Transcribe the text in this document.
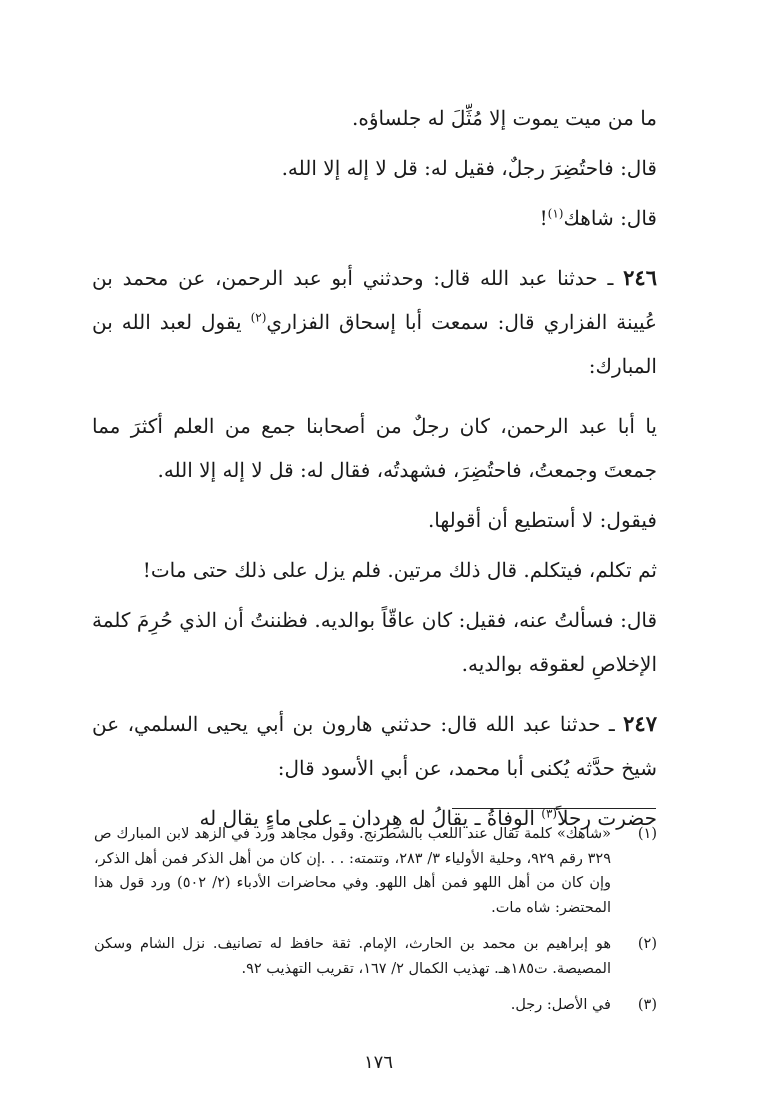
ما من ميت يموت إلا مُثِّلَ له جلساؤه.

قال: فاحتُضِرَ رجلٌ، فقيل له: قل لا إله إلا الله.

قال: شاهك$^{(١)}$!

٢٤٦ ـ حدثنا عبد الله قال: وحدثني أبو عبد الرحمن، عن محمد بن عُيينة الفزاري قال: سمعت أبا إسحاق الفزاري$^{(٢)}$ يقول لعبد الله بن المبارك:

يا أبا عبد الرحمن، كان رجلٌ من أصحابنا جمع من العلم أكثرَ مما جمعتَ وجمعتُ، فاحتُضِرَ، فشهدتُه، فقال له: قل لا إله إلا الله.

فيقول: لا أستطيع أن أقولها.

ثم تكلم، فيتكلم. قال ذلك مرتين. فلم يزل على ذلك حتى مات!

قال: فسألتُ عنه، فقيل: كان عاقّاً بوالديه. فظننتُ أن الذي حُرِمَ كلمة الإخلاصِ لعقوقه بوالديه.

٢٤٧ ـ حدثنا عبد الله قال: حدثني هارون بن أبي يحيى السلمي، عن شيخ حدَّثه يُكنى أبا محمد، عن أبي الأسود قال:

حضرت رجلاً$^{(٣)}$ الوفاةُ ـ يقالُ له هِردان ـ على ماءٍ يقال له

(١)
«شاهك» كلمة تقال عند اللعب بالشطرنج. وقول مجاهد ورد في الزهد لابن المبارك ص ٣٢٩ رقم ٩٢٩، وحلية الأولياء ٣/ ٢٨٣، وتتمته: . . .إن كان من أهل الذكر فمن أهل الذكر، وإن كان من أهل اللهو فمن أهل اللهو. وفي محاضرات الأدباء (٢/ ٥٠٢) ورد قول هذا المحتضر: شاه مات.
(٢)
هو إبراهيم بن محمد بن الحارث، الإمام. ثقة حافظ له تصانيف. نزل الشام وسكن المصيصة. ت١٨٥هـ. تهذيب الكمال ٢/ ١٦٧، تقريب التهذيب ٩٢.
(٣)
في الأصل: رجل.
١٧٦
